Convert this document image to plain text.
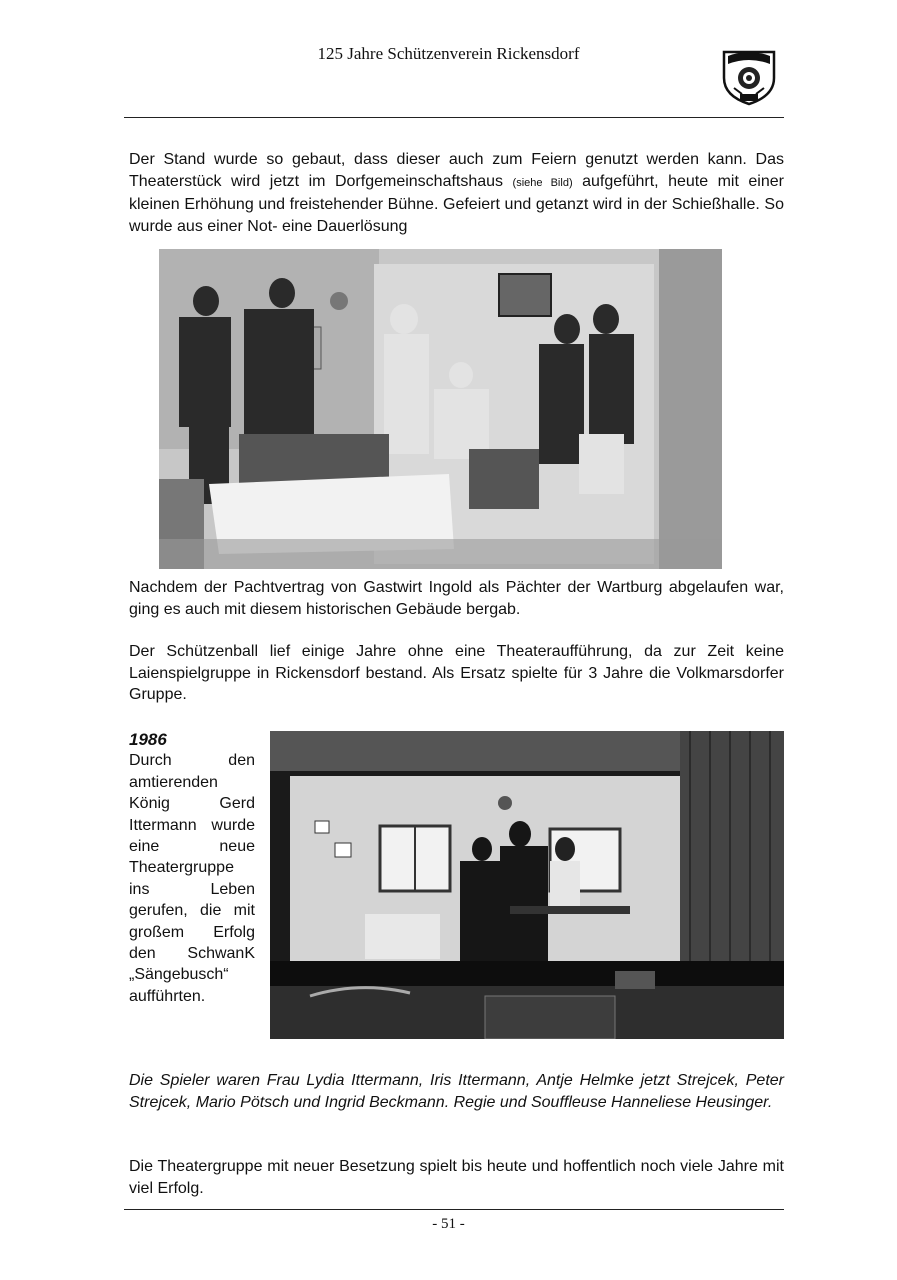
125 Jahre Schützenverein Rickensdorf
Der Stand wurde so gebaut, dass dieser auch zum Feiern genutzt werden kann. Das Theaterstück wird jetzt im Dorfgemeinschaftshaus (siehe Bild) aufgeführt, heute mit einer kleinen Erhöhung und freistehender Bühne. Gefeiert und getanzt wird in der Schießhalle. So wurde aus einer Not- eine Dauerlösung
Nachdem der Pachtvertrag von Gastwirt Ingold als Pächter der Wartburg abgelaufen war, ging es auch mit diesem historischen Gebäude bergab.
Der Schützenball lief einige Jahre ohne eine Theateraufführung, da zur Zeit keine Laienspielgruppe in Rickensdorf bestand. Als Ersatz spielte für 3 Jahre die Volkmarsdorfer Gruppe.
1986
Durch den amtierenden König Gerd Ittermann wurde eine neue Theatergruppe ins Leben gerufen, die mit großem Erfolg den SchwanK „Sängebusch“ aufführten.
Die Spieler waren Frau Lydia Ittermann, Iris Ittermann, Antje Helmke jetzt Strejcek, Peter Strejcek, Mario Pötsch und Ingrid Beckmann. Regie und Souffleuse Hanneliese Heusinger.
Die Theatergruppe mit neuer Besetzung spielt bis heute und hoffentlich noch viele Jahre mit viel Erfolg.
- 51 -
